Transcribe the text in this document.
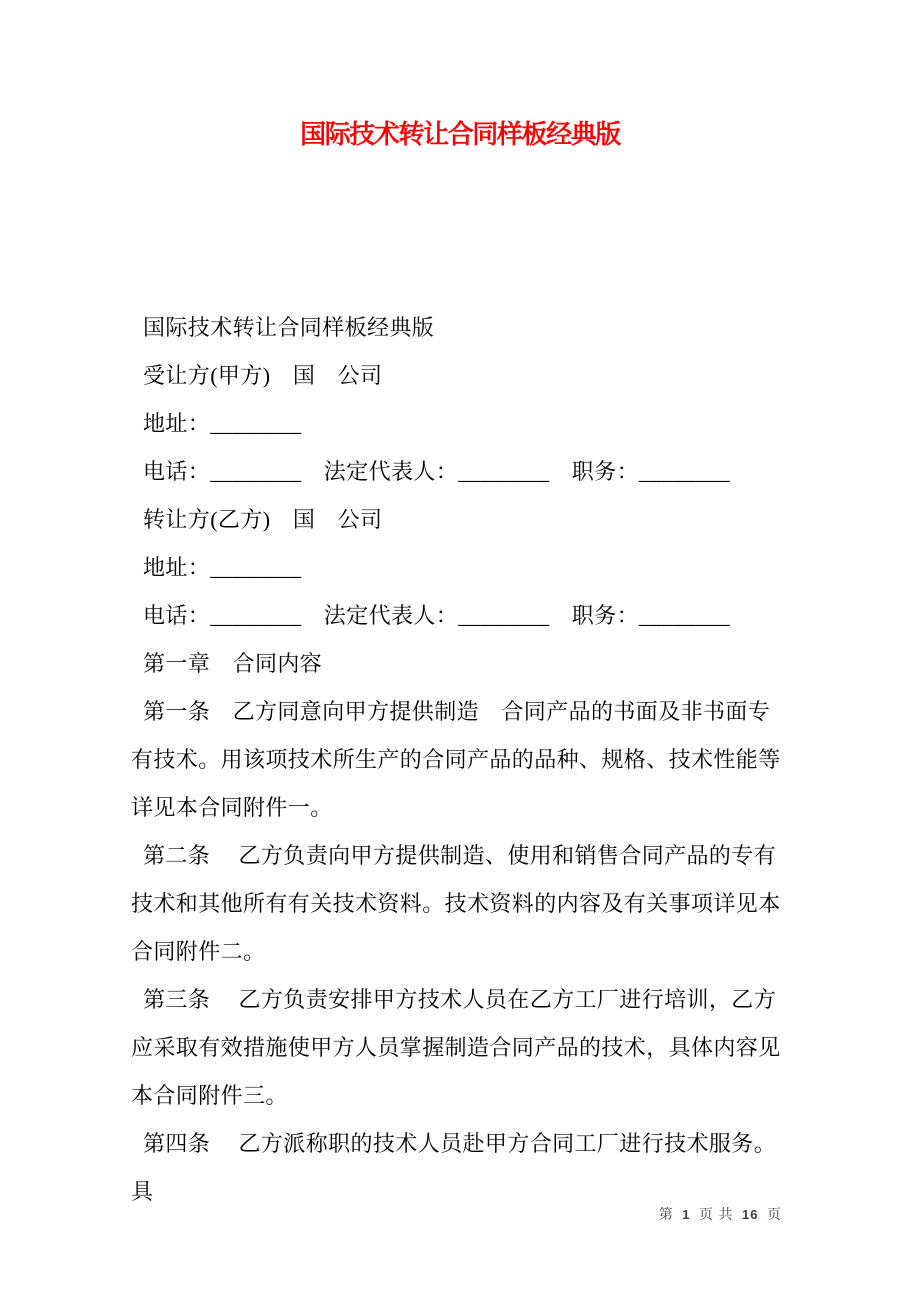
国际技术转让合同样板经典版

国际技术转让合同样板经典版

受让方(甲方)　国　公司

地址：________

电话：________　法定代表人：________　职务：________

转让方(乙方)　国　公司

地址：________

电话：________　法定代表人：________　职务：________

第一章　合同内容

第一条　乙方同意向甲方提供制造　合同产品的书面及非书面专有技术。用该项技术所生产的合同产品的品种、规格、技术性能等详见本合同附件一。

第二条　 乙方负责向甲方提供制造、使用和销售合同产品的专有技术和其他所有有关技术资料。技术资料的内容及有关事项详见本合同附件二。

第三条　 乙方负责安排甲方技术人员在乙方工厂进行培训，乙方应采取有效措施使甲方人员掌握制造合同产品的技术，具体内容见本合同附件三。

第四条　 乙方派称职的技术人员赴甲方合同工厂进行技术服务。具

第 1 页 共 16 页
